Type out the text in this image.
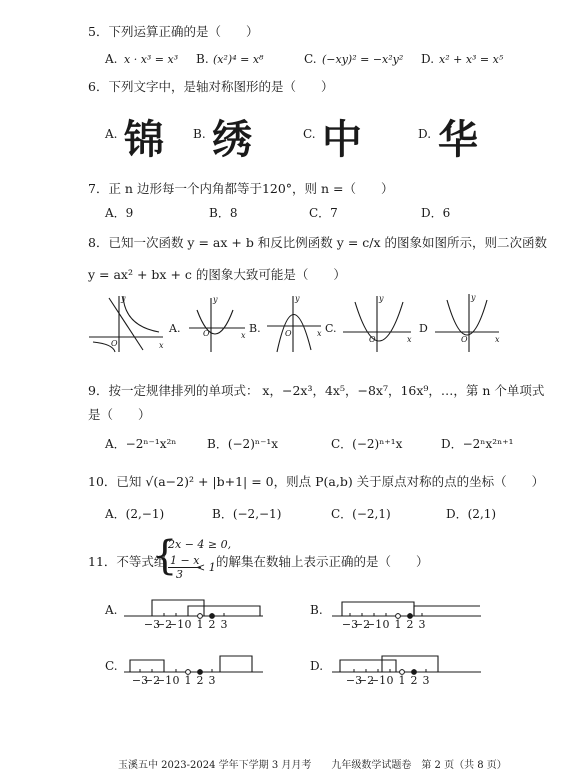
5．下列运算正确的是（　　）
A. x · x³ = x³ B. (x²)⁴ = x⁸	C. (−xy)² = −x²y² D. x² + x³ = x⁵
6．下列文字中，是轴对称图形的是（　　）
A. 锦 B. 绣	C. 中	D. 华
7．正 n 边形每一个内角都等于120°，则 n =（　　）
A．9	B．8	C．7	D．6
8．已知一次函数 y = ax + b 和反比例函数 y = c/x 的图象如图所示，则二次函数
y = ax² + bx + c 的图象大致可能是（　　）
y
x
O
y
x
O
y
x
O
y
x
O
y
x
O
A.	B.	C.	D
9．按一定规律排列的单项式： x，−2x³，4x⁵，−8x⁷，16x⁹，…，第 n 个单项式
是（　　）
A．−2ⁿ⁻¹x²ⁿ	B．(−2)ⁿ⁻¹x	C．(−2)ⁿ⁺¹x	D．−2ⁿx²ⁿ⁺¹
10．已知 √(a−2)² + |b+1| = 0，则点 P(a,b) 关于原点对称的点的坐标（　　）
A．(2,−1)	B．(−2,−1)	C．(−2,1)	D．(2,1)
11．不等式组
{
2x − 4 ≥ 0,
1 − x
3
< 1 的解集在数轴上表示正确的是（　　）
A.	B.
C.	D.
−3
−2
−1 0 1 2 3	−3
−2
−1 0 1 2 3
−3
−2
−1 0 1 2 3	−3
−2
−1 0 1 2 3
玉溪五中 2023-2024 学年下学期 3 月月考　　九年级数学试题卷　第 2 页（共 8 页）
